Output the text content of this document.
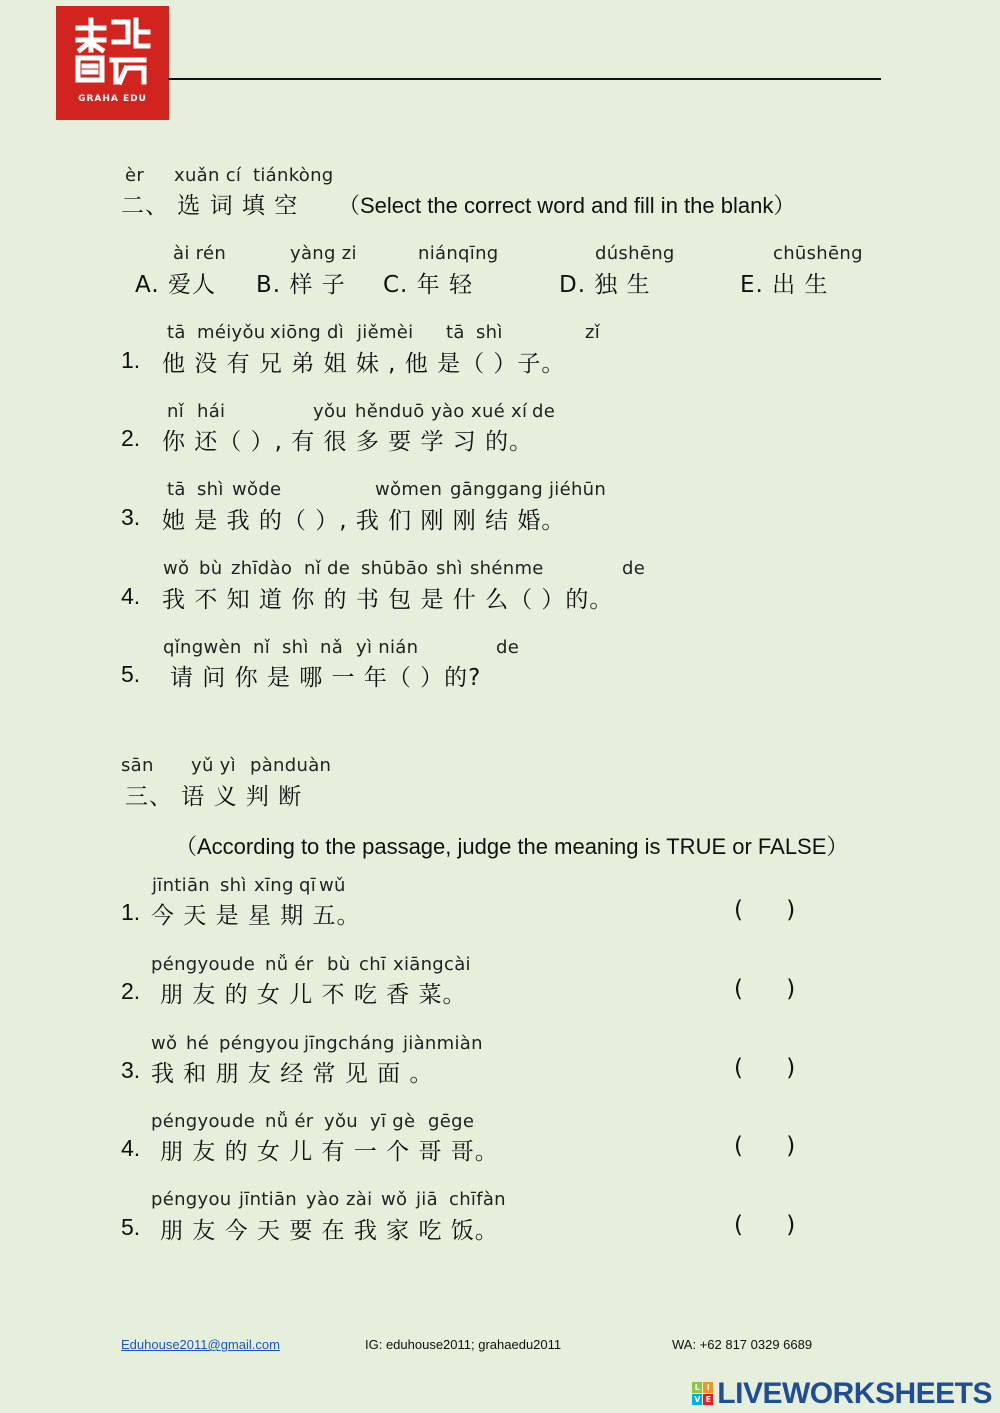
GRAHA EDU
èr xuǎn cí tiánkòng
二、 选 词 填 空 （Select the correct word and fill in the blank）
ài rén	yàng zi	niánqīng	dúshēng	chūshēng
A. 爱人 B. 样 子 C. 年 轻	D. 独 生	E. 出 生
tā méiyǒu xiōng dì jiěmèi tā shì	zǐ
1. 他 没 有 兄 弟 姐 妹 , 他 是（ ）子。
nǐ hái	yǒu hěnduō yào xué xí de
2. 你 还（ ）, 有 很 多 要 学 习 的。
tā shì wǒde	wǒmen gānggang jiéhūn
3. 她 是 我 的（ ）, 我 们 刚 刚 结 婚。
wǒ bù zhīdào nǐ de shūbāo shì shénme	de
4. 我 不 知 道 你 的 书 包 是 什 么（ ）的。
qǐngwèn nǐ shì nǎ yì nián	de
5. 请 问 你 是 哪 一 年（ ）的?
sān yǔ yì pànduàn
三、 语 义 判 断
（According to the passage, judge the meaning is TRUE or FALSE）
jīntiān shì xīng qī wǔ
1. 今 天 是 星 期 五。	( )
péngyou de nǚ ér bù chī xiāngcài
2. 朋 友 的 女 儿 不 吃 香 菜。	( )
wǒ hé péngyou jīngcháng jiànmiàn
3. 我 和 朋 友 经 常 见 面 。	( )
péngyou de nǚ ér yǒu yī gè gēge
4. 朋 友 的 女 儿 有 一 个 哥 哥。	( )
péngyou jīntiān yào zài wǒ jiā chīfàn
5. 朋 友 今 天 要 在 我 家 吃 饭。	( )
Eduhouse2011@gmail.com	IG: eduhouse2011; grahaedu2011	WA: +62 817 0329 6689
L I
V E LIVEWORKSHEETS
